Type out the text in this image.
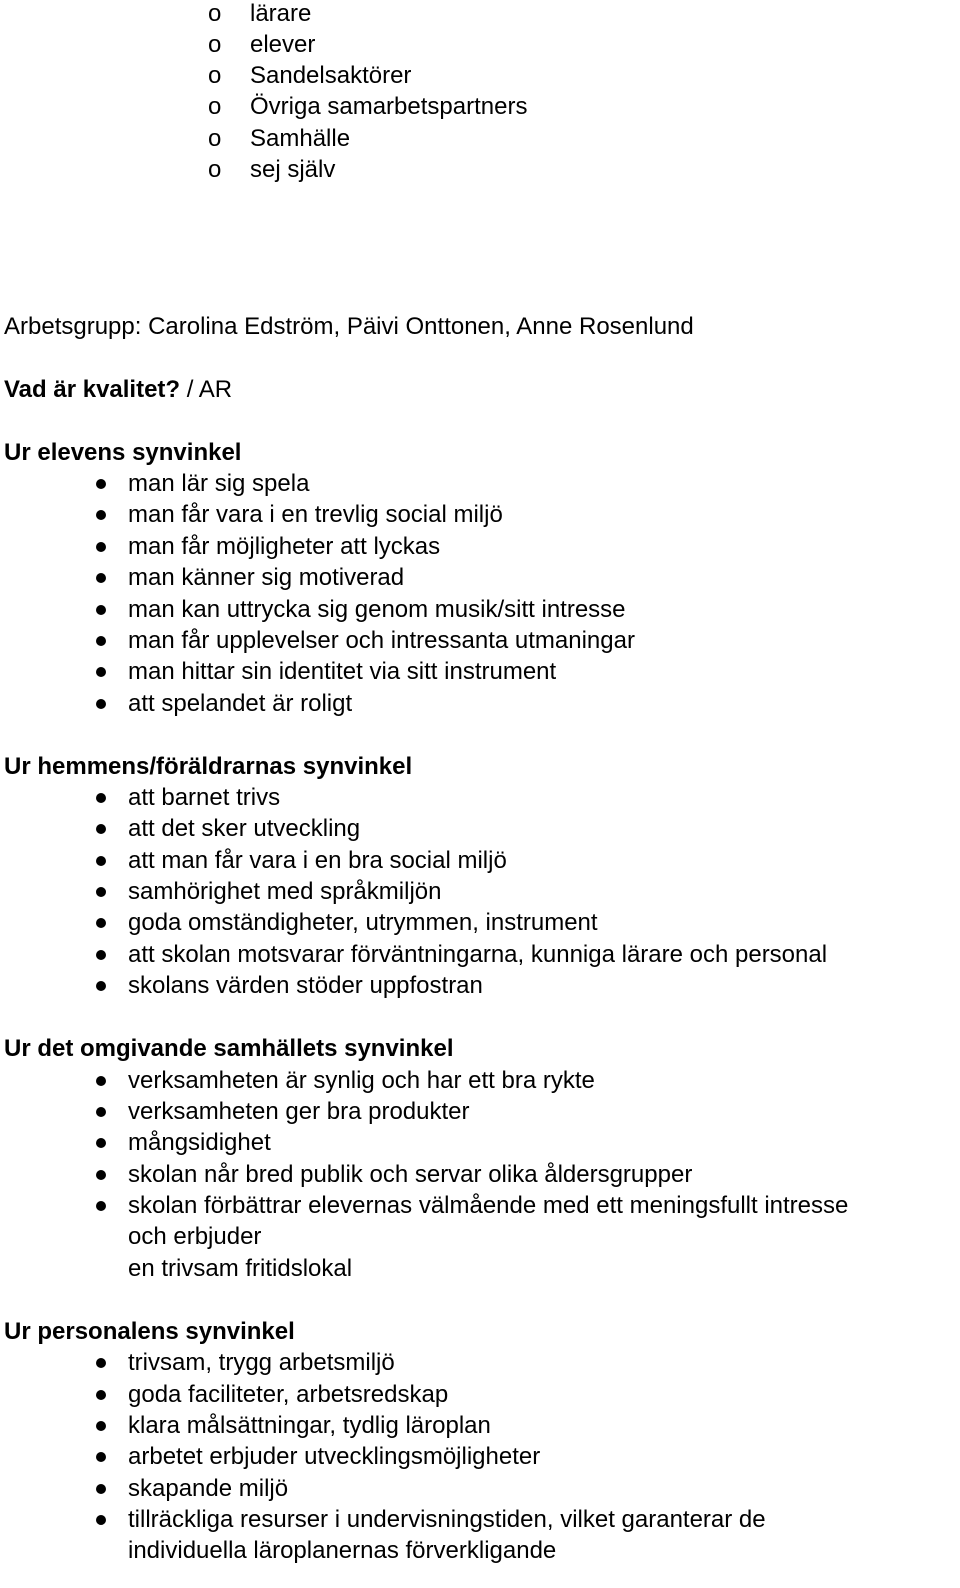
o lärare
o elever
o Sandelsaktörer
o Övriga samarbetspartners
o Samhälle
o sej själv
Arbetsgrupp: Carolina Edström, Päivi Onttonen, Anne Rosenlund
Vad är kvalitet? / AR
Ur elevens synvinkel
man lär sig spela
man får vara i en trevlig social miljö
man får möjligheter att lyckas
man känner sig motiverad
man kan uttrycka sig genom musik/sitt intresse
man får upplevelser och intressanta utmaningar
man hittar sin identitet via sitt instrument
att spelandet är roligt
Ur hemmens/föräldrarnas synvinkel
att barnet trivs
att det sker utveckling
att man får vara i en bra social miljö
samhörighet med språkmiljön
goda omständigheter, utrymmen, instrument
att skolan motsvarar förväntningarna, kunniga lärare och personal
skolans värden stöder uppfostran
Ur det omgivande samhällets synvinkel
verksamheten är synlig och har ett bra rykte
verksamheten ger bra produkter
mångsidighet
skolan når bred publik och servar olika åldersgrupper
skolan förbättrar elevernas välmående med ett meningsfullt intresse
och erbjuder
en trivsam fritidslokal
Ur personalens synvinkel
trivsam, trygg arbetsmiljö
goda faciliteter, arbetsredskap
klara målsättningar, tydlig läroplan
arbetet erbjuder utvecklingsmöjligheter
skapande miljö
tillräckliga resurser i undervisningstiden, vilket garanterar de
individuella läroplanernas förverkligande
